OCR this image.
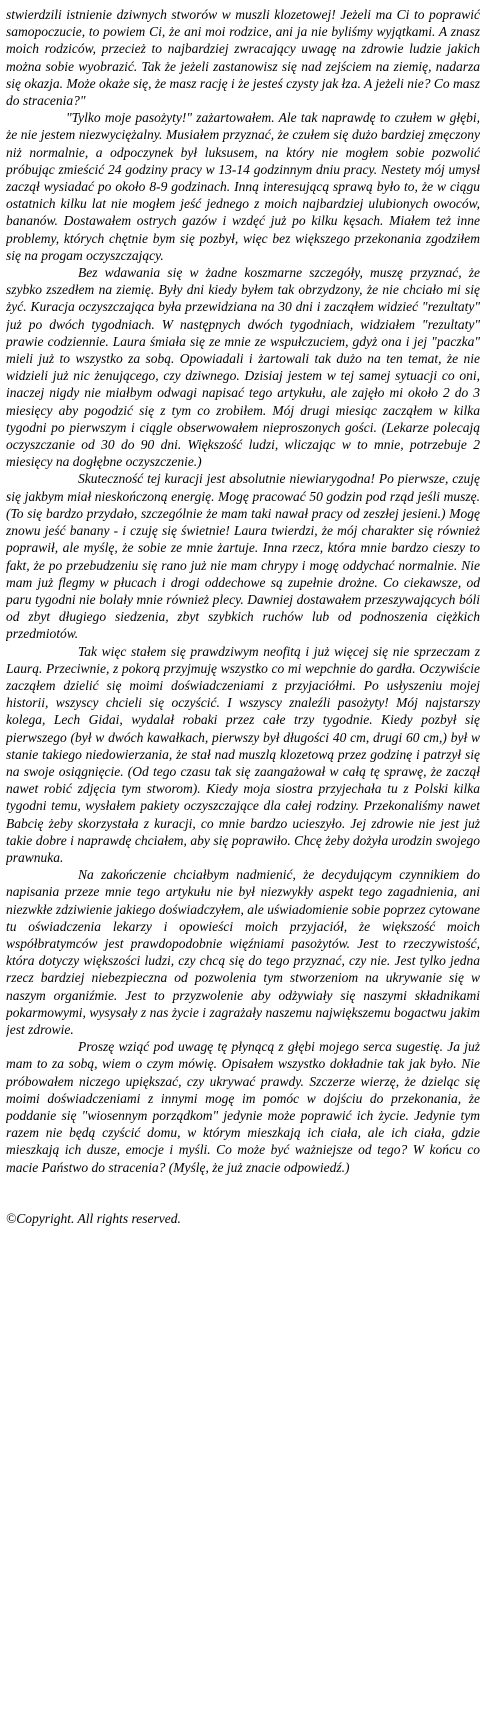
stwierdzili istnienie dziwnych stworów w muszli klozetowej! Jeżeli ma Ci to poprawić samopoczucie, to powiem Ci, że ani moi rodzice, ani ja nie byliśmy wyjątkami. A znasz moich rodziców, przecież to najbardziej zwracający uwagę na zdrowie ludzie jakich można sobie wyobrazić. Tak że jeżeli zastanowisz się nad zejściem na ziemię, nadarza się okazja. Może okaże się, że masz rację i że jesteś czysty jak łza. A jeżeli nie? Co masz do stracenia?"

"Tylko moje pasożyty!" zażartowałem. Ale tak naprawdę to czułem w głębi, że nie jestem niezwyciężalny. Musiałem przyznać, że czułem się dużo bardziej zmęczony niż normalnie, a odpoczynek był luksusem, na który nie mogłem sobie pozwolić próbując zmieścić 24 godziny pracy w 13-14 godzinnym dniu pracy. Nestety mój umysł zaczął wysiadać po około 8-9 godzinach. Inną interesującą sprawą było to, że w ciągu ostatnich kilku lat nie mogłem jeść jednego z moich najbardziej ulubionych owoców, bananów. Dostawałem ostrych gazów i wzdęć już po kilku kęsach. Miałem też inne problemy, których chętnie bym się pozbył, więc bez większego przekonania zgodziłem się na progam oczyszczający.

Bez wdawania się w żadne koszmarne szczegóły, muszę przyznać, że szybko zszedłem na ziemię. Były dni kiedy byłem tak obrzydzony, że nie chciało mi się żyć. Kuracja oczyszczająca była przewidziana na 30 dni i zacząłem widzieć "rezultaty" już po dwóch tygodniach. W następnych dwóch tygodniach, widziałem "rezultaty" prawie codziennie. Laura śmiała się ze mnie ze wspułczuciem, gdyż ona i jej "paczka" mieli już to wszystko za sobą. Opowiadali i żartowali tak dużo na ten temat, że nie widzieli już nic żenującego, czy dziwnego. Dzisiaj jestem w tej samej sytuacji co oni, inaczej nigdy nie miałbym odwagi napisać tego artykułu, ale zajęło mi około 2 do 3 miesięcy aby pogodzić się z tym co zrobiłem. Mój drugi miesiąc zacząłem w kilka tygodni po pierwszym i ciągle obserwowałem nieproszonych gości. (Lekarze polecają oczyszczanie od 30 do 90 dni. Większość ludzi, wliczając w to mnie, potrzebuje 2 miesięcy na dogłębne oczyszczenie.)

Skuteczność tej kuracji jest absolutnie niewiarygodna! Po pierwsze, czuję się jakbym miał nieskończoną energię. Mogę pracować 50 godzin pod rząd jeśli muszę. (To się bardzo przydało, szczególnie że mam taki nawał pracy od zeszłej jesieni.) Mogę znowu jeść banany - i czuję się świetnie! Laura twierdzi, że mój charakter się również poprawił, ale myślę, że sobie ze mnie żartuje. Inna rzecz, która mnie bardzo cieszy to fakt, że po przebudzeniu się rano już nie mam chrypy i mogę oddychać normalnie. Nie mam już flegmy w płucach i drogi oddechowe są zupełnie drożne. Co ciekawsze, od paru tygodni nie bolały mnie również plecy. Dawniej dostawałem przeszywających bóli od zbyt długiego siedzenia, zbyt szybkich ruchów lub od podnoszenia ciężkich przedmiotów.

Tak więc stałem się prawdziwym neofitą i już więcej się nie sprzeczam z Laurą. Przeciwnie, z pokorą przyjmuję wszystko co mi wepchnie do gardła. Oczywiście zacząłem dzielić się moimi doświadczeniami z przyjaciółmi. Po usłyszeniu mojej historii, wszyscy chcieli się oczyścić. I wszyscy znaleźli pasożyty! Mój najstarszy kolega, Lech Gidai, wydalał robaki przez całe trzy tygodnie. Kiedy pozbył się pierwszego (był w dwóch kawałkach, pierwszy był długości 40 cm, drugi 60 cm,) był w stanie takiego niedowierzania, że stał nad muszlą klozetową przez godzinę i patrzył się na swoje osiągnięcie. (Od tego czasu tak się zaangażował w całą tę sprawę, że zaczął nawet robić zdjęcia tym stworom). Kiedy moja siostra przyjechała tu z Polski kilka tygodni temu, wysłałem pakiety oczyszczające dla całej rodziny. Przekonaliśmy nawet Babcię żeby skorzystała z kuracji, co mnie bardzo ucieszyło. Jej zdrowie nie jest już takie dobre i naprawdę chciałem, aby się poprawiło. Chcę żeby dożyła urodzin swojego prawnuka.

Na zakończenie chciałbym nadmienić, że decydującym czynnikiem do napisania przeze mnie tego artykułu nie był niezwykły aspekt tego zagadnienia, ani niezwkłe zdziwienie jakiego doświadczyłem, ale uświadomienie sobie poprzez cytowane tu oświadczenia lekarzy i opowieści moich przyjaciół, że większość moich współbratymców jest prawdopodobnie więźniami pasożytów. Jest to rzeczywistość, która dotyczy większości ludzi, czy chcą się do tego przyznać, czy nie. Jest tylko jedna rzecz bardziej niebezpieczna od pozwolenia tym stworzeniom na ukrywanie się w naszym organiźmie. Jest to przyzwolenie aby odżywiały się naszymi składnikami pokarmowymi, wysysały z nas życie i zagrażały naszemu największemu bogactwu jakim jest zdrowie.

Proszę wziąć pod uwagę tę płynącą z głębi mojego serca sugestię. Ja już mam to za sobą, wiem o czym mówię. Opisałem wszystko dokładnie tak jak było. Nie próbowałem niczego upiększać, czy ukrywać prawdy. Szczerze wierzę, że dzieląc się moimi doświadczeniami z innymi mogę im pomóc w dojściu do przekonania, że poddanie się "wiosennym porządkom" jedynie może poprawić ich życie. Jedynie tym razem nie będą czyścić domu, w którym mieszkają ich ciała, ale ich ciała, gdzie mieszkają ich dusze, emocje i myśli. Co może być ważniejsze od tego? W końcu co macie Państwo do stracenia? (Myślę, że już znacie odpowiedź.)

©Copyright. All rights reserved.
